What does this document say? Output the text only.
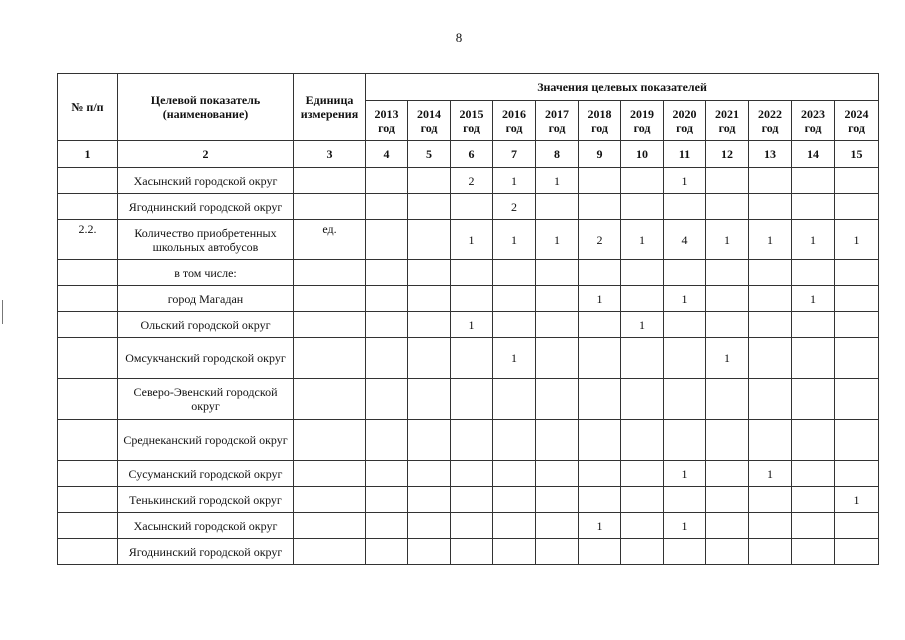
8
№ п/п	Целевой показатель (наименование)	Единица измерения	Значения целевых показателей											
			2013 год	2014 год	2015 год	2016 год	2017 год	2018 год	2019 год	2020 год	2021 год	2022 год	2023 год	2024 год
1	2	3	4	5	6	7	8	9	10	11	12	13	14	15
	Хасынский городской округ				2	1	1			1				
	Ягоднинский городской округ					2								
2.2.	Количество приобретенных школьных автобусов	ед.			1	1	1	2	1	4	1	1	1	1
	в том числе:													
	город Магадан							1		1			1	
	Ольский городской округ				1				1					
	Омсукчанский городской округ					1					1			
	Северо-Эвенский городской округ													
	Среднеканский городской округ													
	Сусуманский городской округ									1		1		
	Тенькинский городской округ													1
	Хасынский городской округ							1		1				
	Ягоднинский городской округ													
